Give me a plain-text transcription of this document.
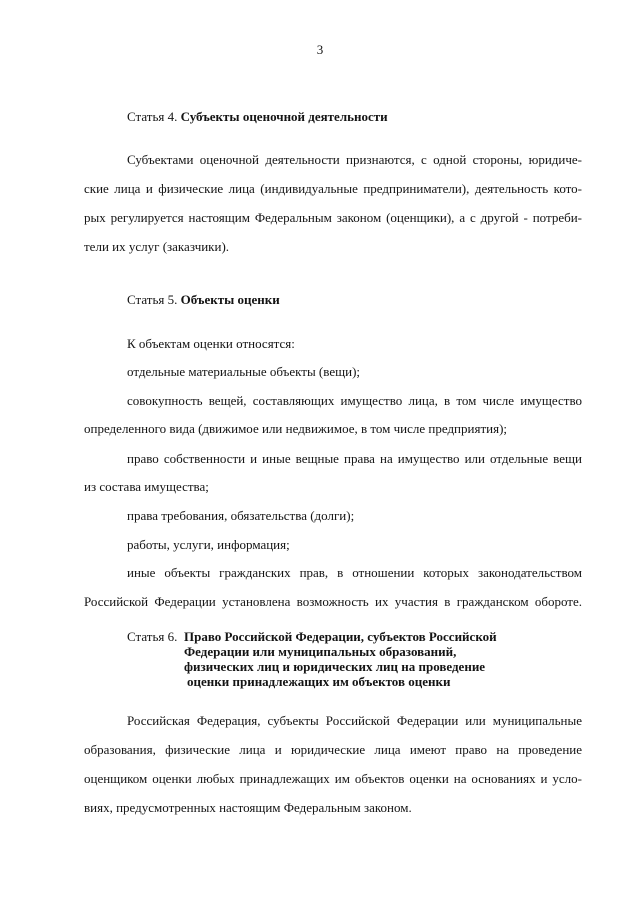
3
Статья 4. Субъекты оценочной деятельности
Субъектами оценочной деятельности признаются, с одной стороны, юридиче-
ские лица и физические лица (индивидуальные предприниматели), деятельность кото-
рых регулируется настоящим Федеральным законом (оценщики), а с другой - потреби-
тели их услуг (заказчики).
Статья 5. Объекты оценки
К объектам оценки относятся:
отдельные материальные объекты (вещи);
совокупность вещей, составляющих имущество лица, в том числе имущество
определенного вида (движимое или недвижимое, в том числе предприятия);
право собственности и иные вещные права на имущество или отдельные вещи
из состава имущества;
права требования, обязательства (долги);
работы, услуги, информация;
иные объекты гражданских прав, в отношении которых законодательством
Российской Федерации установлена возможность их участия в гражданском обороте.
Статья 6. Право Российской Федерации, субъектов Российской
Федерации или муниципальных образований,
физических лиц и юридических лиц на проведение
оценки принадлежащих им объектов оценки
Российская Федерация, субъекты Российской Федерации или муниципальные
образования, физические лица и юридические лица имеют право на проведение
оценщиком оценки любых принадлежащих им объектов оценки на основаниях и усло-
виях, предусмотренных настоящим Федеральным законом.
